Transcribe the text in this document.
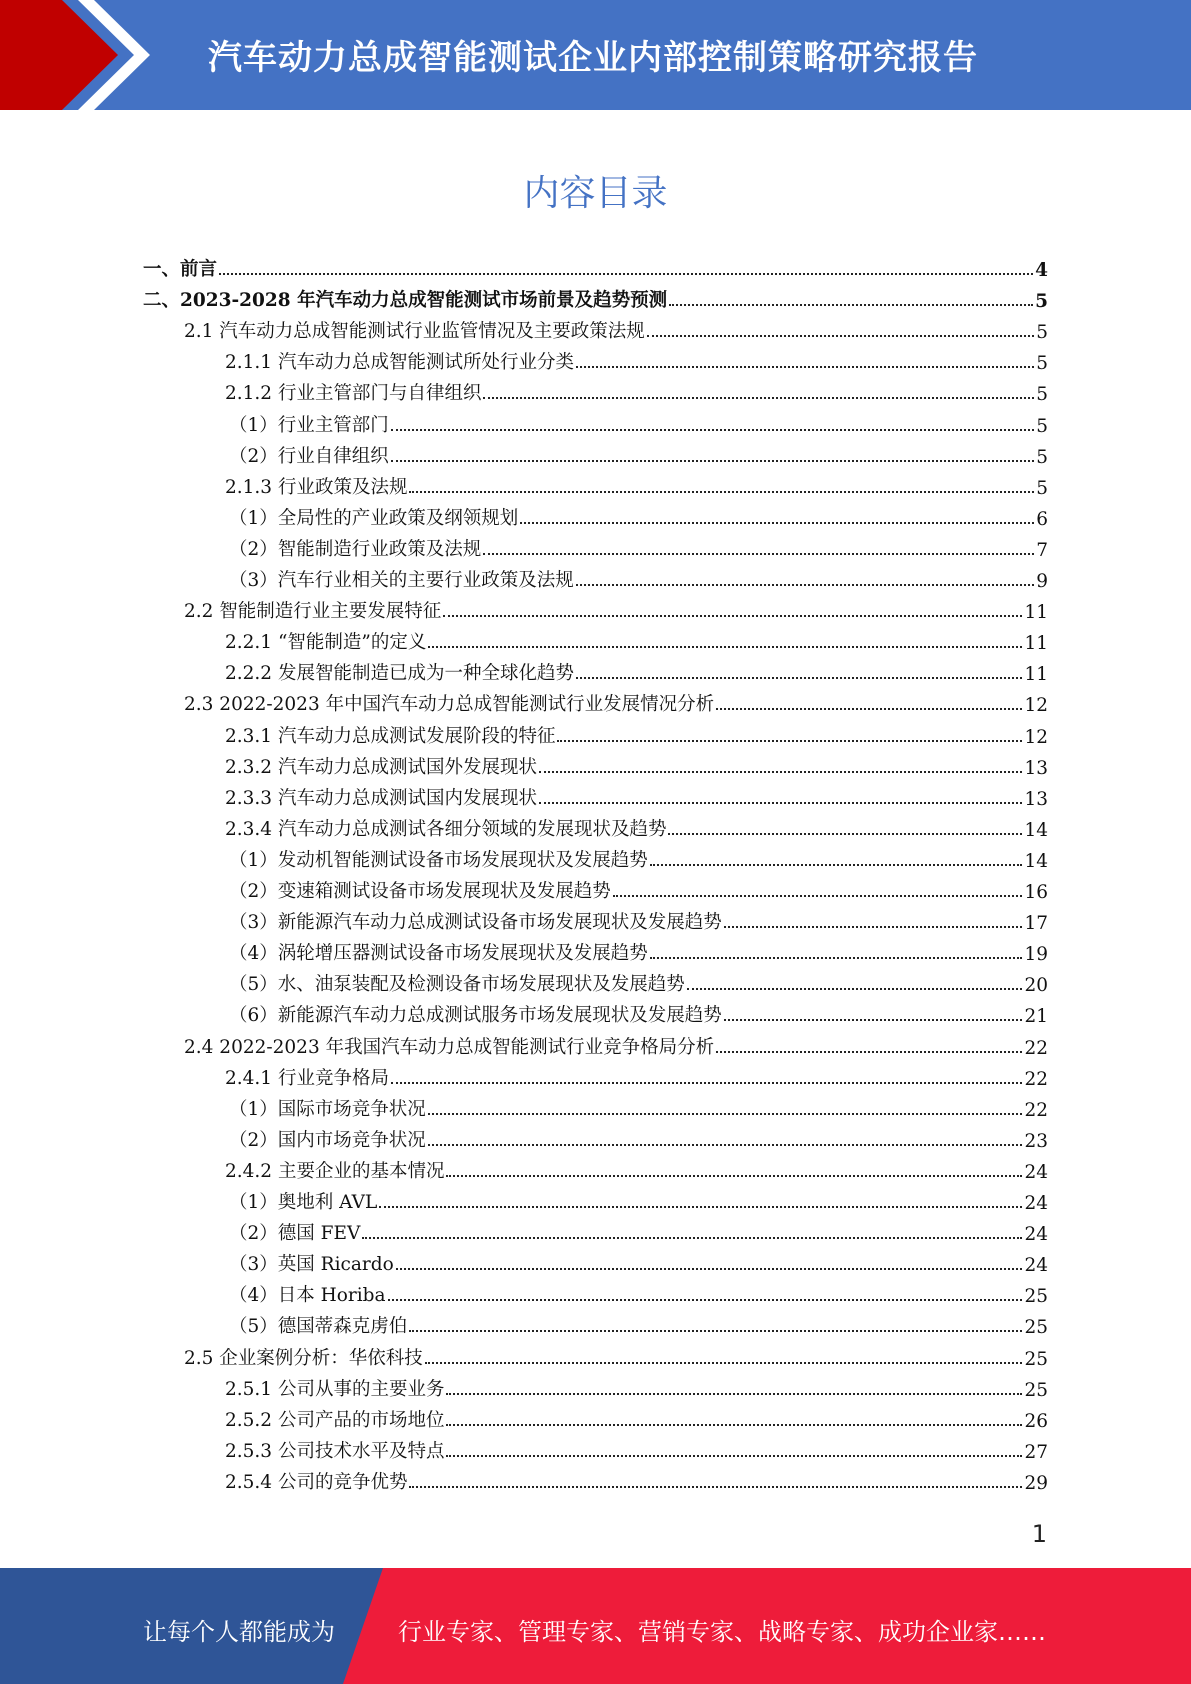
汽车动力总成智能测试企业内部控制策略研究报告
内容目录
一、前言	4
二、2023-2028 年汽车动力总成智能测试市场前景及趋势预测	5
2.1 汽车动力总成智能测试行业监管情况及主要政策法规	5
2.1.1 汽车动力总成智能测试所处行业分类	5
2.1.2 行业主管部门与自律组织	5
（1）行业主管部门	5
（2）行业自律组织	5
2.1.3 行业政策及法规	5
（1）全局性的产业政策及纲领规划	6
（2）智能制造行业政策及法规	7
（3）汽车行业相关的主要行业政策及法规	9
2.2 智能制造行业主要发展特征	11
2.2.1 “智能制造”的定义	11
2.2.2 发展智能制造已成为一种全球化趋势	11
2.3 2022-2023 年中国汽车动力总成智能测试行业发展情况分析	12
2.3.1 汽车动力总成测试发展阶段的特征	12
2.3.2 汽车动力总成测试国外发展现状	13
2.3.3 汽车动力总成测试国内发展现状	13
2.3.4 汽车动力总成测试各细分领域的发展现状及趋势	14
（1）发动机智能测试设备市场发展现状及发展趋势	14
（2）变速箱测试设备市场发展现状及发展趋势	16
（3）新能源汽车动力总成测试设备市场发展现状及发展趋势	17
（4）涡轮增压器测试设备市场发展现状及发展趋势	19
（5）水、油泵装配及检测设备市场发展现状及发展趋势	20
（6）新能源汽车动力总成测试服务市场发展现状及发展趋势	21
2.4 2022-2023 年我国汽车动力总成智能测试行业竞争格局分析	22
2.4.1 行业竞争格局	22
（1）国际市场竞争状况	22
（2）国内市场竞争状况	23
2.4.2 主要企业的基本情况	24
（1）奥地利 AVL	24
（2）德国 FEV	24
（3）英国 Ricardo	24
（4）日本 Horiba	25
（5）德国蒂森克虏伯	25
2.5 企业案例分析：华依科技	25
2.5.1 公司从事的主要业务	25
2.5.2 公司产品的市场地位	26
2.5.3 公司技术水平及特点	27
2.5.4 公司的竞争优势	29
1
让每个人都能成为	行业专家、管理专家、营销专家、战略专家、成功企业家……
